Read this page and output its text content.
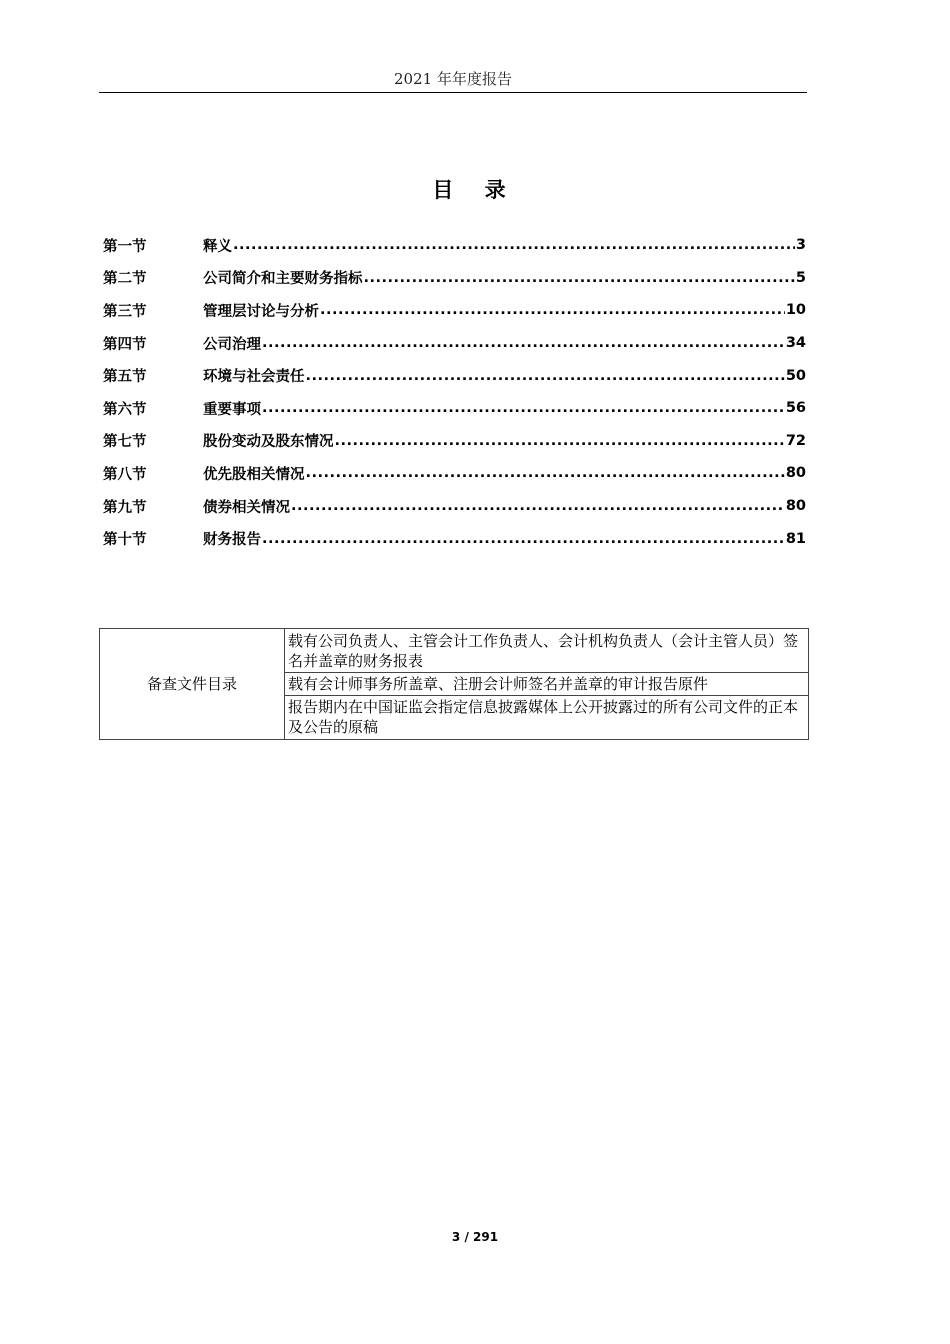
2021 年年度报告
目 录
第一节	释义 .....	3
第二节	公司简介和主要财务指标 .....	5
第三节	管理层讨论与分析 .....	10
第四节	公司治理 .....	34
第五节	环境与社会责任 .....	50
第六节	重要事项 .....	56
第七节	股份变动及股东情况 .....	72
第八节	优先股相关情况 .....	80
第九节	债券相关情况 .....	80
第十节	财务报告 .....	81
备查文件目录	载有公司负责人、主管会计工作负责人、会计机构负责人（会计主管人员）签名并盖章的财务报表
载有会计师事务所盖章、注册会计师签名并盖章的审计报告原件
报告期内在中国证监会指定信息披露媒体上公开披露过的所有公司文件的正本及公告的原稿
3 / 291
